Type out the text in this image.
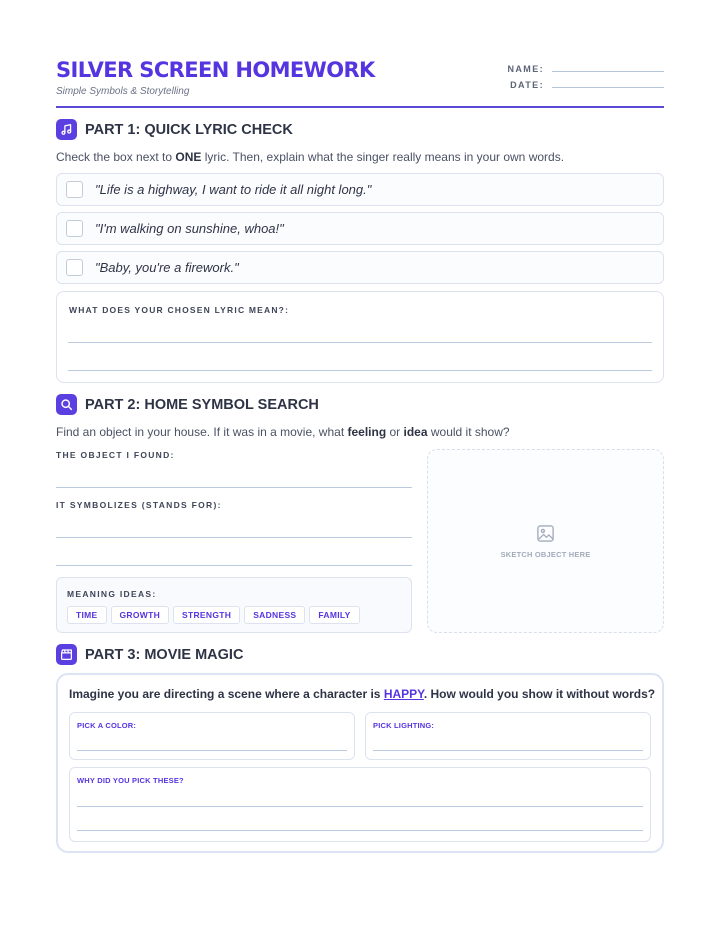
SILVER SCREEN HOMEWORK
Simple Symbols & Storytelling
NAME:
DATE:
PART 1: QUICK LYRIC CHECK
Check the box next to ONE lyric. Then, explain what the singer really means in your own words.
"Life is a highway, I want to ride it all night long."
"I'm walking on sunshine, whoa!"
"Baby, you're a firework."
WHAT DOES YOUR CHOSEN LYRIC MEAN?:
PART 2: HOME SYMBOL SEARCH
Find an object in your house. If it was in a movie, what feeling or idea would it show?
THE OBJECT I FOUND:
IT SYMBOLIZES (STANDS FOR):
MEANING IDEAS:
TIME	GROWTH	STRENGTH	SADNESS	FAMILY
SKETCH OBJECT HERE
PART 3: MOVIE MAGIC
Imagine you are directing a scene where a character is HAPPY. How would you show it without words?
PICK A COLOR:	PICK LIGHTING:
WHY DID YOU PICK THESE?
